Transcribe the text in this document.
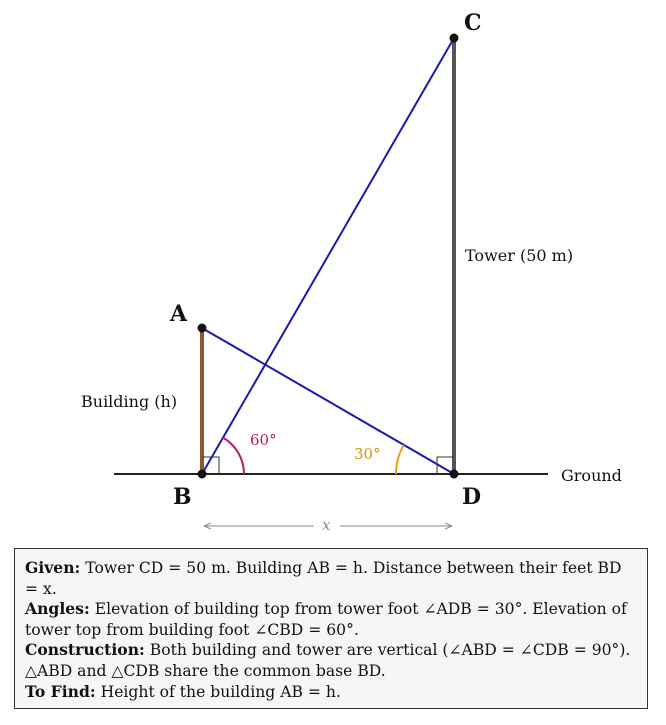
C
A
B	D
Building (h)
Tower (50 m)
Ground
60°
30°
x

Given: Tower CD = 50 m. Building AB = h. Distance between their feet BD = x.

Angles: Elevation of building top from tower foot ∠ADB = 30°. Elevation of tower top from building foot ∠CBD = 60°.

Construction: Both building and tower are vertical (∠ABD = ∠CDB = 90°). △ABD and △CDB share the common base BD.

To Find: Height of the building AB = h.
